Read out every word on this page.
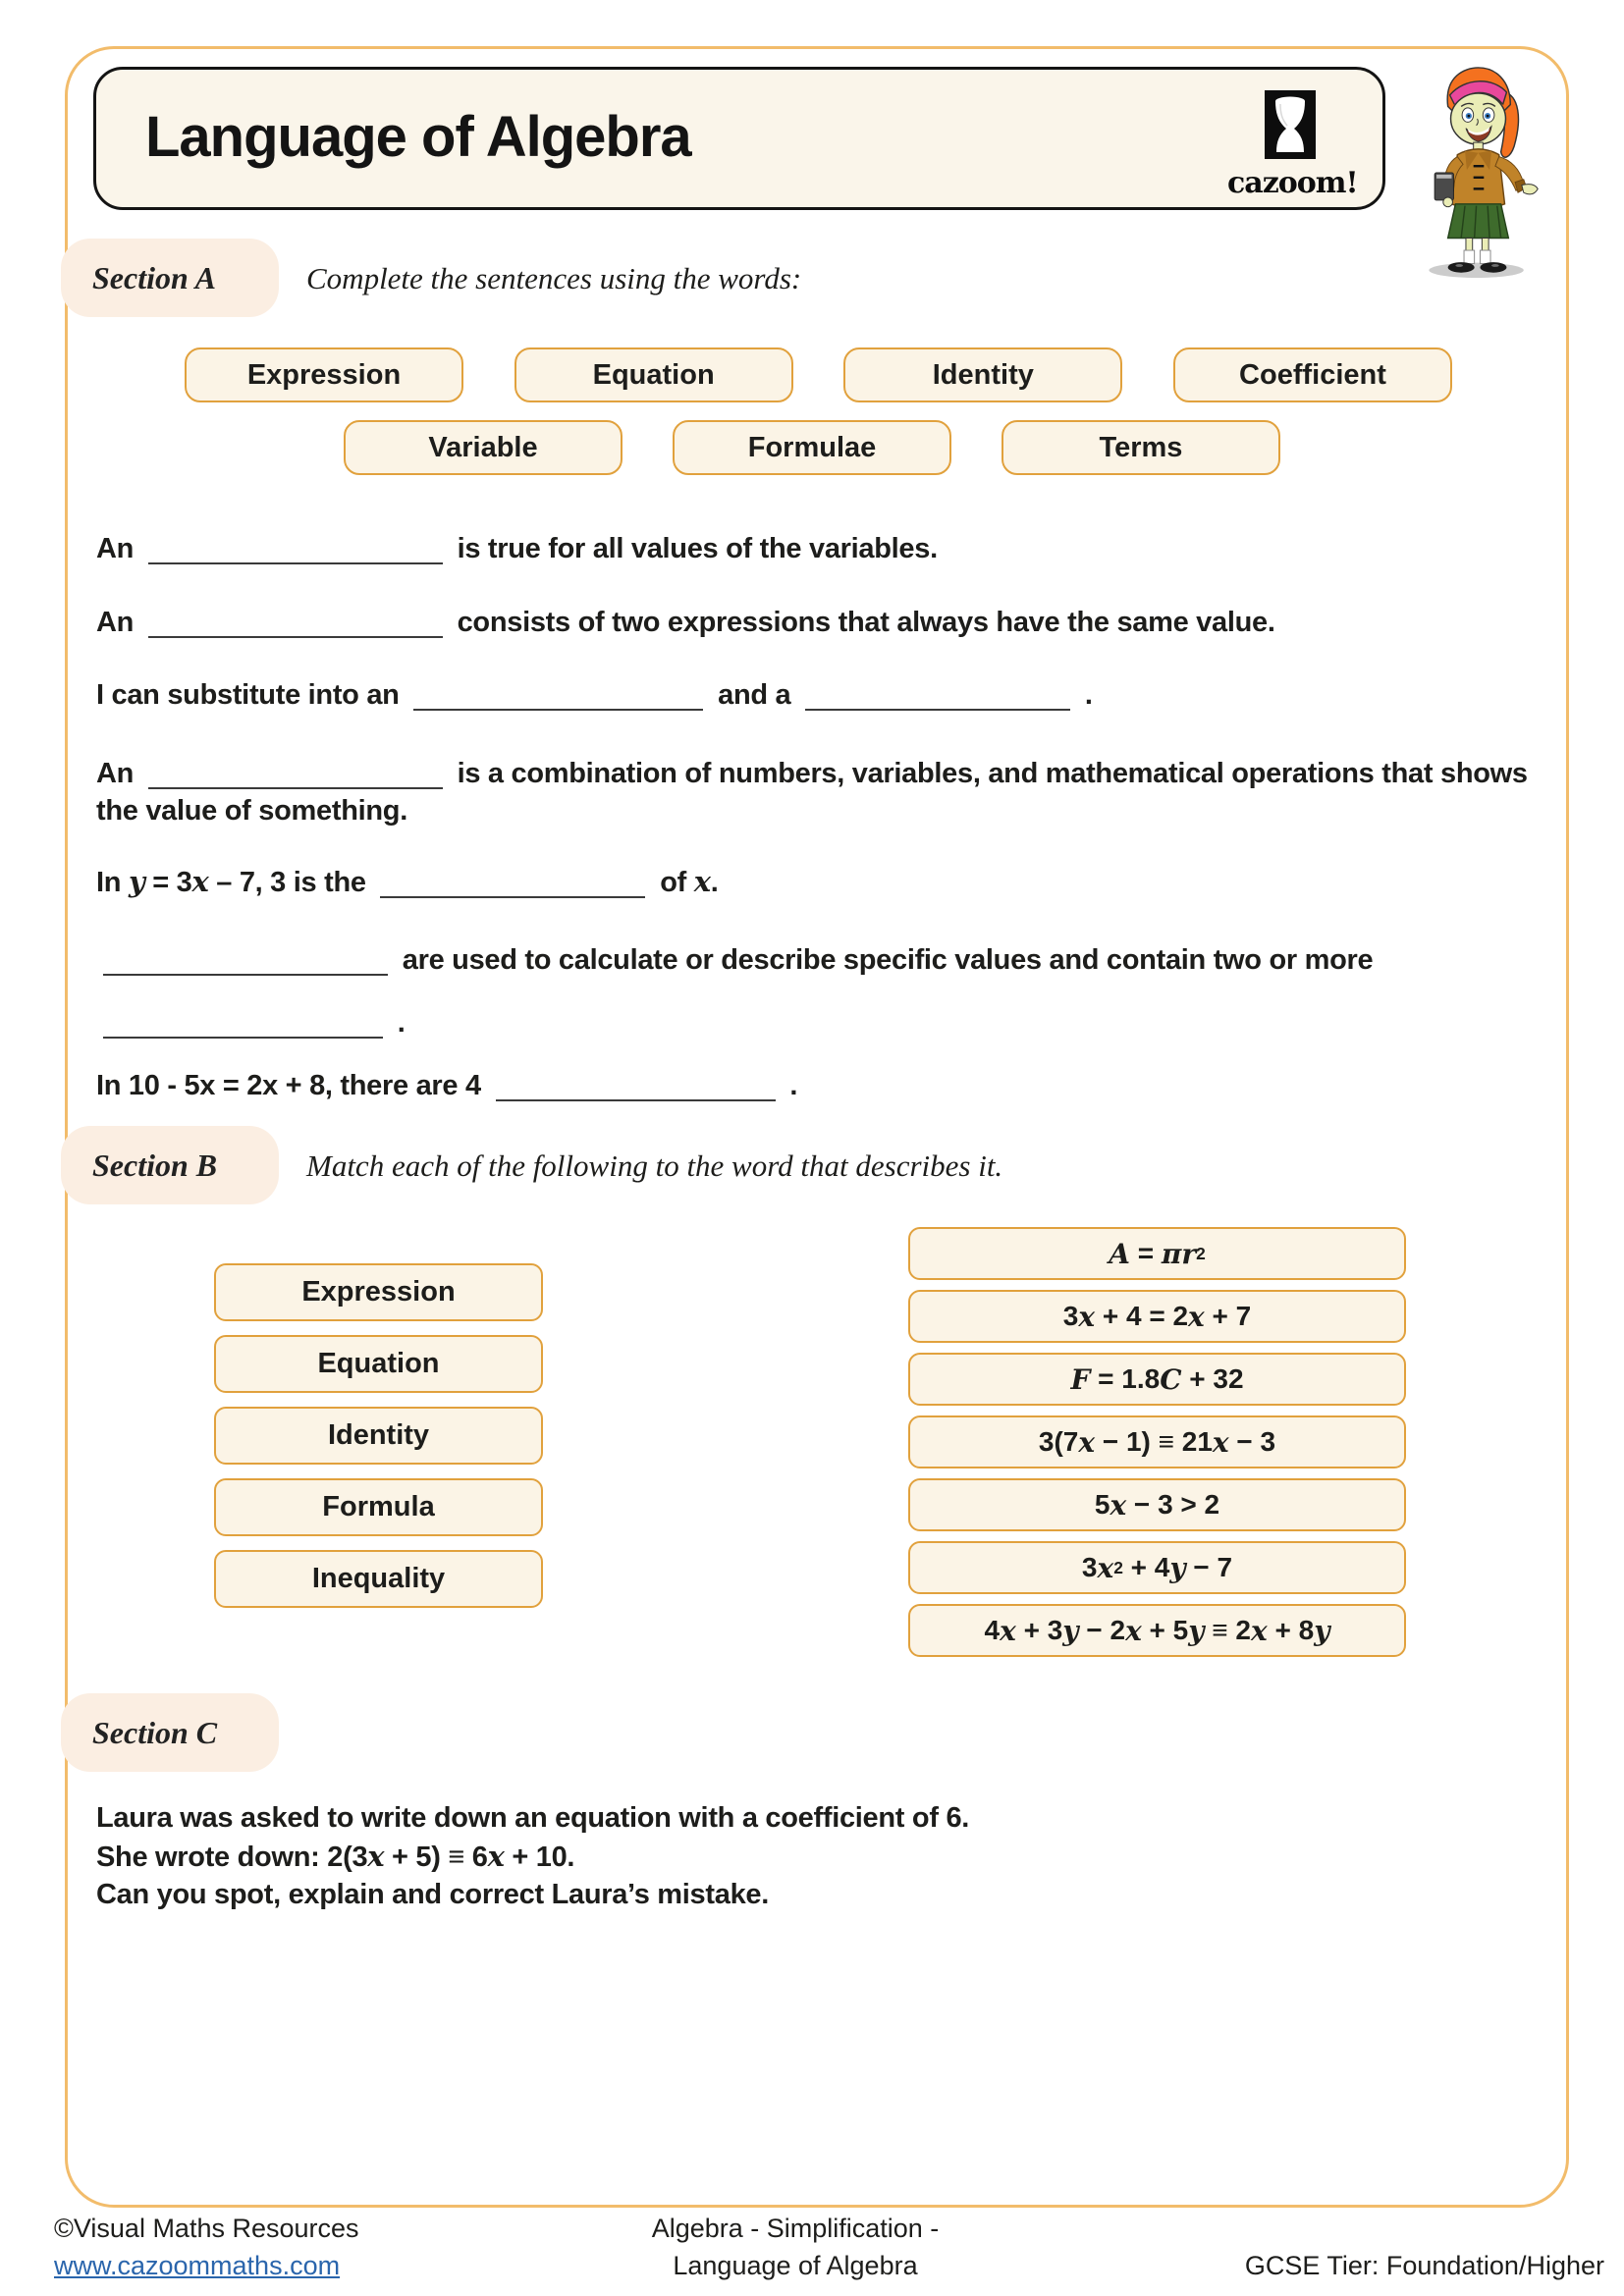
Language of Algebra
cazoom!
Section A	Complete the sentences using the words:
Expression	Equation	Identity	Coefficient
Variable	Formulae	Terms
An	is true for all values of the variables.
An	consists of two expressions that always have the same value.
I can substitute into an	and a	.
An	is a combination of numbers, variables, and mathematical operations that shows the value of something.
In y = 3x – 7, 3 is the	of x.
are used to calculate or describe specific values and contain two or more
.
In 10 - 5x = 2x + 8, there are 4	.
Section B	Match each of the following to the word that describes it.
Expression
Equation
Identity
Formula
Inequality
A = πr 2
3 x + 4 = 2 x + 7
F = 1.8 C + 32
3(7 x − 1) ≡ 21 x − 3
5 x − 3 > 2
3 x 2 + 4 y − 7
4 x + 3 y − 2 x + 5 y ≡ 2 x + 8 y
Section C
Laura was asked to write down an equation with a coefficient of 6.
She wrote down: 2(3x + 5) ≡ 6x + 10.
Can you spot, explain and correct Laura’s mistake.
©Visual Maths Resources
www.cazoommaths.com
Algebra - Simplification -
Language of Algebra	GCSE Tier: Foundation/Higher
